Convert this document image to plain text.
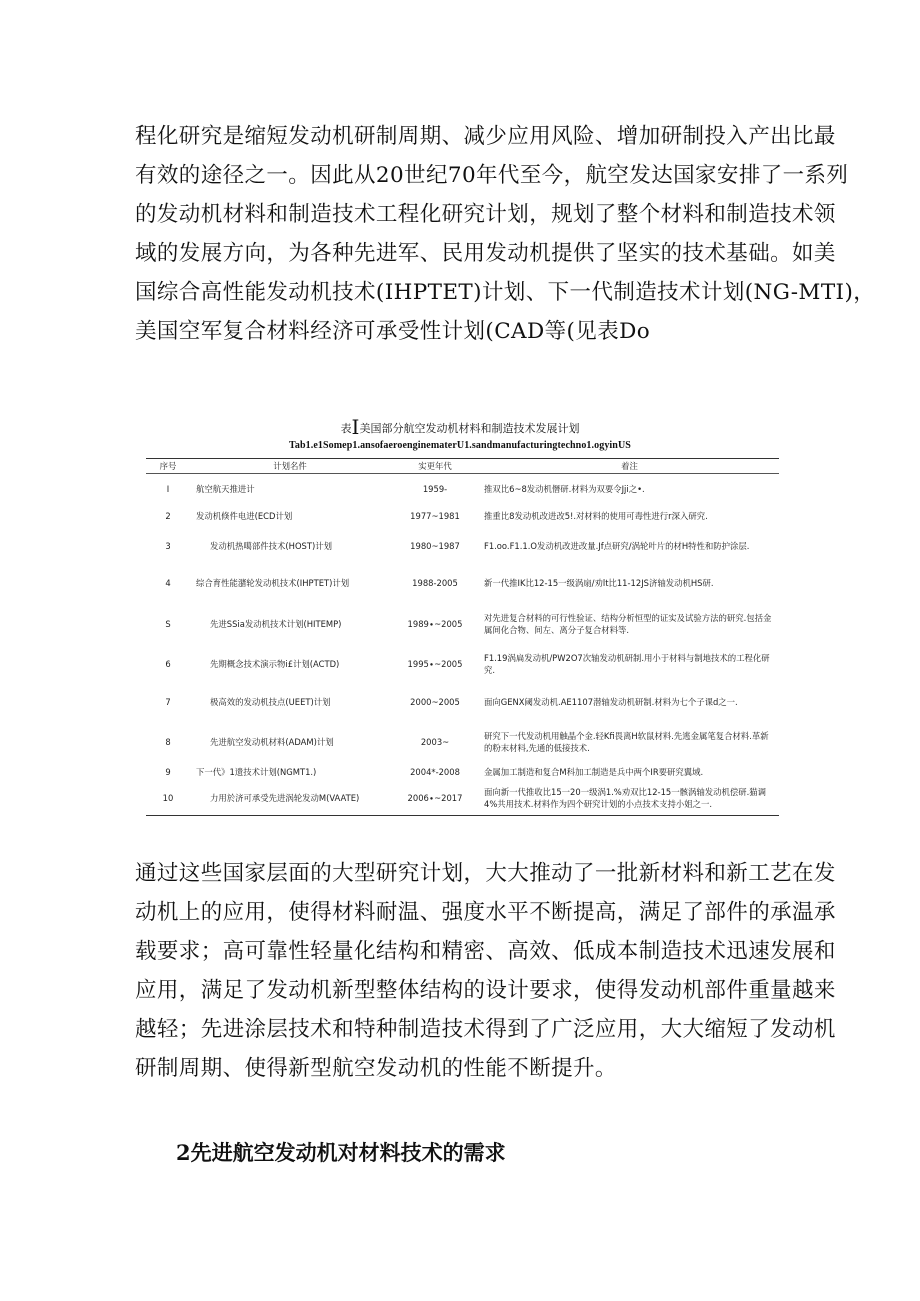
程化研究是缩短发动机研制周期、减少应用风险、增加研制投入产出比最
有效的途径之一。因此从20世纪70年代至今，航空发达国家安排了一系列
的发动机材料和制造技术工程化研究计划，规划了整个材料和制造技术领
域的发展方向，为各种先进军、民用发动机提供了坚实的技术基础。如美
国综合高性能发动机技术(IHPTET)计划、下一代制造技术计划(NG-MTI)，
美国空军复合材料经济可承受性计划(CAD等(见表Do
表I美国部分航空发动机材料和制造技术发展计划
Tab1.e1Somep1.ansofaeroenginematerU1.sandmanufacturingtechno1.ogyinUS
序号	计划名件	实更年代	着注
I	航空航天推进计	1959-	推双比6~8发动机僭研.材料为双要令Jji之•.
2	发动机倏件电进(ECD计划	1977~1981	推重比8发动机改进改5!.对材料的使用可毒性进行r深入研究.
3	发动机热噶部件技术(HOST)计划	1980~1987	F1.oo.F1.1.O发动机改进改量.Jf点研究/涡轮叶片的材H特性和防护涂层.
4	综合育性能潴轮发动机技术(IHPTET)计划	1988-2005	新一代推IK比12-15一级涡扇/劝lt比11-12JS济轴发动机HS研.
S	先进SSia发动机技术计划(HITEMP)	1989∙~2005	对先进复合材料的可行性验证、结构分析恒型的证实及试验方法的研究.包括金属间化合物、间左、离分子复合材料等.
6	先期概念技术演示物i£计划(ACTD)	1995∙~2005	F1.19涡扁发动机/PW2O7次轴发动机研制.用小于材料与制地技术的工程化研究.
7	极高效的发动机技点(UEET)计划	2000~2005	面向GENX阈发动机.AE1107潜轴发动机研制.材料为七个子课d之一.
8	先进航空发动机材料(ADAM)计划	2003~	研究下一代发动机用触晶个金.轻Kfi畏离H软鼠材料.先逃金属笔复合材料.革新的粉末材料,先通的低接技术.
9	下一代》1遗技术计划(NGMT1.)	2004*-2008	金属加工制造和复合M科加工制造是兵中两个IR要研究翼域.
10	力用於济可承受先进涡轮发动M(VAATE)	2006∙~2017	面向新一代推收比15一20一级涡1.%劝双比12-15一骸涡轴发动机偿研.猫调4%共用技术.材料作为四个研究计划的小点技术支持小姐之一.
通过这些国家层面的大型研究计划，大大推动了一批新材料和新工艺在发
动机上的应用，使得材料耐温、强度水平不断提高，满足了部件的承温承
载要求；高可靠性轻量化结构和精密、高效、低成本制造技术迅速发展和
应用，满足了发动机新型整体结构的设计要求，使得发动机部件重量越来
越轻；先进涂层技术和特种制造技术得到了广泛应用，大大缩短了发动机
研制周期、使得新型航空发动机的性能不断提升。
2先进航空发动机对材料技术的需求
